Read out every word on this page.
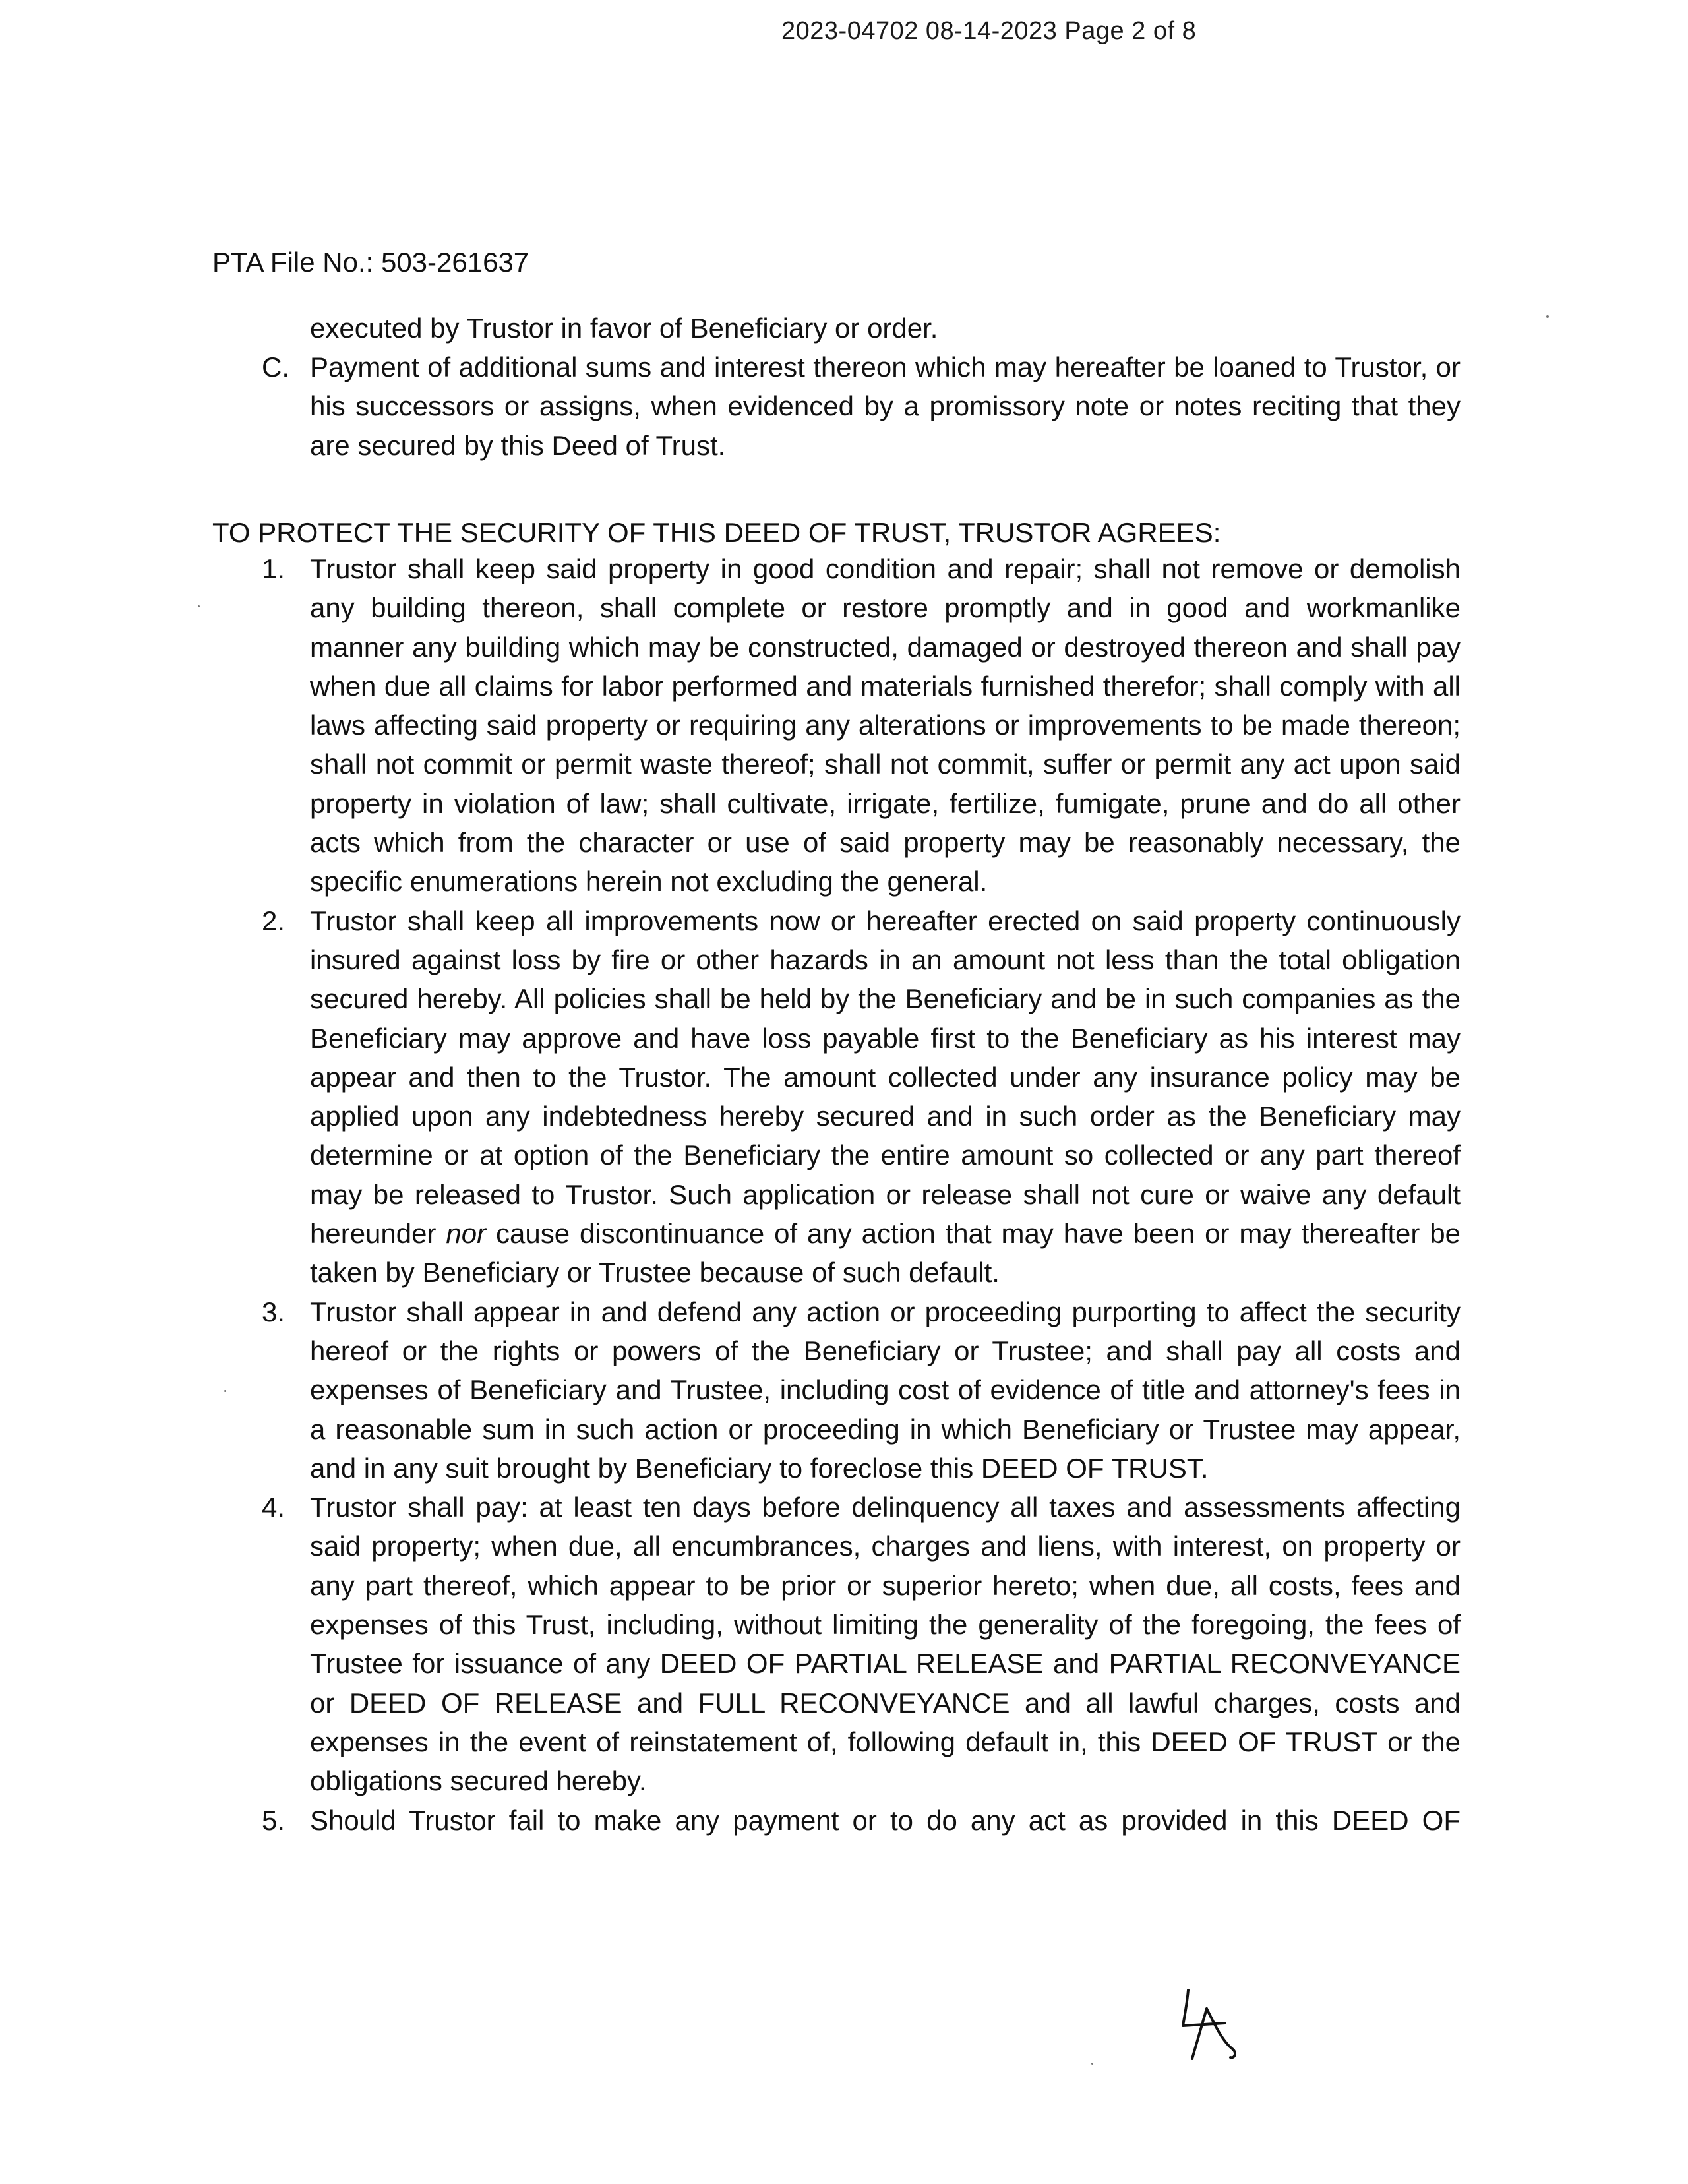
2023-04702 08-14-2023 Page 2 of 8
PTA File No.: 503-261637

executed by Trustor in favor of Beneficiary or order.

C. Payment of additional sums and interest thereon which may hereafter be loaned to Trustor, or his successors or assigns, when evidenced by a promissory note or notes reciting that they are secured by this Deed of Trust.
TO PROTECT THE SECURITY OF THIS DEED OF TRUST, TRUSTOR AGREES:
1. Trustor shall keep said property in good condition and repair; shall not remove or demolish any building thereon, shall complete or restore promptly and in good and workmanlike manner any building which may be constructed, damaged or destroyed thereon and shall pay when due all claims for labor performed and materials furnished therefor; shall comply with all laws affecting said property or requiring any alterations or improvements to be made thereon; shall not commit or permit waste thereof; shall not commit, suffer or permit any act upon said property in violation of law; shall cultivate, irrigate, fertilize, fumigate, prune and do all other acts which from the character or use of said property may be reasonably necessary, the specific enumerations herein not excluding the general.
2. Trustor shall keep all improvements now or hereafter erected on said property continuously insured against loss by fire or other hazards in an amount not less than the total obligation secured hereby. All policies shall be held by the Beneficiary and be in such companies as the Beneficiary may approve and have loss payable first to the Beneficiary as his interest may appear and then to the Trustor. The amount collected under any insurance policy may be applied upon any indebtedness hereby secured and in such order as the Beneficiary may determine or at option of the Beneficiary the entire amount so collected or any part thereof may be released to Trustor. Such application or release shall not cure or waive any default hereunder nor cause discontinuance of any action that may have been or may thereafter be taken by Beneficiary or Trustee because of such default.
3. Trustor shall appear in and defend any action or proceeding purporting to affect the security hereof or the rights or powers of the Beneficiary or Trustee; and shall pay all costs and expenses of Beneficiary and Trustee, including cost of evidence of title and attorney's fees in a reasonable sum in such action or proceeding in which Beneficiary or Trustee may appear, and in any suit brought by Beneficiary to foreclose this DEED OF TRUST.
4. Trustor shall pay: at least ten days before delinquency all taxes and assessments affecting said property; when due, all encumbrances, charges and liens, with interest, on property or any part thereof, which appear to be prior or superior hereto; when due, all costs, fees and expenses of this Trust, including, without limiting the generality of the foregoing, the fees of Trustee for issuance of any DEED OF PARTIAL RELEASE and PARTIAL RECONVEYANCE or DEED OF RELEASE and FULL RECONVEYANCE and all lawful charges, costs and expenses in the event of reinstatement of, following default in, this DEED OF TRUST or the obligations secured hereby.
5. Should Trustor fail to make any payment or to do any act as provided in this DEED OF
